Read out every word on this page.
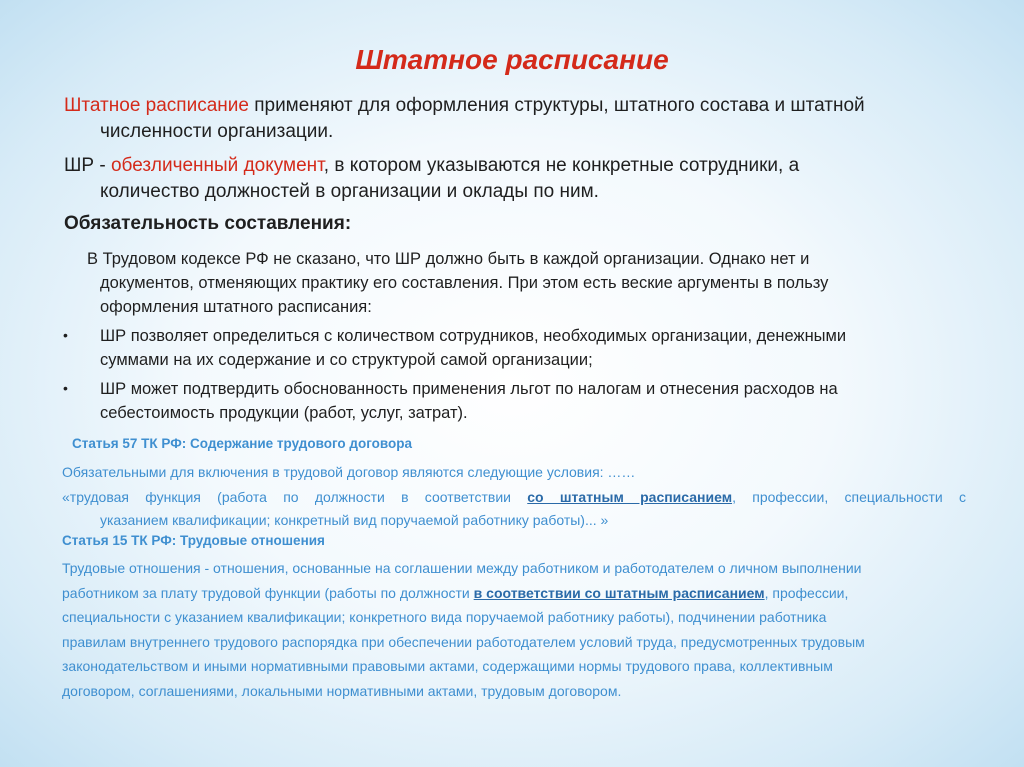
Штатное расписание
Штатное расписание применяют для оформления структуры, штатного состава и штатной
численности организации.
ШР - обезличенный документ, в котором указываются не конкретные сотрудники, а
количество должностей в организации и оклады по ним.
Обязательность составления:
В Трудовом кодексе РФ не сказано, что ШР должно быть в каждой организации. Однако нет и
документов, отменяющих практику его составления. При этом есть веские аргументы в пользу
оформления штатного расписания:
• ШР позволяет определиться с количеством сотрудников, необходимых организации, денежными
суммами на их содержание и со структурой самой организации;
• ШР может подтвердить обоснованность применения льгот по налогам и отнесения расходов на
себестоимость продукции (работ, услуг, затрат).
Статья 57 ТК РФ: Содержание трудового договора
Обязательными для включения в трудовой договор являются следующие условия: ……
«трудовая функция (работа по должности в соответствии со штатным расписанием, профессии, специальности с
указанием квалификации; конкретный вид поручаемой работнику работы)... »
Статья 15 ТК РФ: Трудовые отношения
Трудовые отношения - отношения, основанные на соглашении между работником и работодателем о личном выполнении
работником за плату трудовой функции (работы по должности в соответствии со штатным расписанием, профессии,
специальности с указанием квалификации; конкретного вида поручаемой работнику работы), подчинении работника
правилам внутреннего трудового распорядка при обеспечении работодателем условий труда, предусмотренных трудовым
законодательством и иными нормативными правовыми актами, содержащими нормы трудового права, коллективным
договором, соглашениями, локальными нормативными актами, трудовым договором.
